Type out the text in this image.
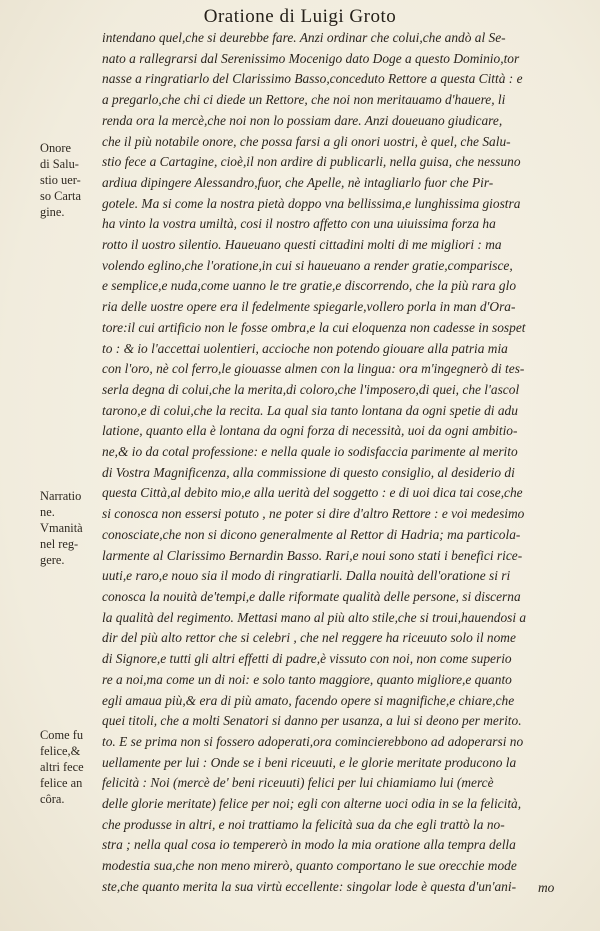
Oratione di Luigi Groto
intendano quel,che si deurebbe fare. Anzi ordinar che colui,che andò al Se-
nato a rallegrarsi dal Serenissimo Mocenigo dato Doge a questo Dominio,tor
nasse a ringratiarlo del Clarissimo Basso,conceduto Rettore a questa Città : e
a pregarlo,che chi ci diede un Rettore, che noi non meritauamo d'hauere, li
renda ora la mercè,che noi non lo possiam dare. Anzi doueuano giudicare,
che il più notabile onore, che possa farsi a gli onori uostri, è quel, che Salu-
stio fece a Cartagine, cioè,il non ardire di publicarli, nella guisa, che nessuno
ardiua dipingere Alessandro,fuor, che Apelle, nè intagliarlo fuor che Pir-
gotele. Ma si come la nostra pietà doppo vna bellissima,e lunghissima giostra
ha vinto la vostra umiltà, cosi il nostro affetto con una uiuissima forza ha
rotto il uostro silentio. Haueuano questi cittadini molti di me migliori : ma
volendo eglino,che l'oratione,in cui si haueuano a render gratie,comparisce,
e semplice,e nuda,come uanno le tre gratie,e discorrendo, che la più rara glo
ria delle uostre opere era il fedelmente spiegarle,vollero porla in man d'Ora-
tore:il cui artificio non le fosse ombra,e la cui eloquenza non cadesse in sospet
to : & io l'accettai uolentieri, accioche non potendo giouare alla patria mia
con l'oro, nè col ferro,le giouasse almen con la lingua: ora m'ingegnerò di tes-
serla degna di colui,che la merita,di coloro,che l'imposero,di quei, che l'ascol
tarono,e di colui,che la recita. La qual sia tanto lontana da ogni spetie di adu
latione, quanto ella è lontana da ogni forza di necessità, uoi da ogni ambitio-
ne,& io da cotal professione: e nella quale io sodisfaccia parimente al merito
di Vostra Magnificenza, alla commissione di questo consiglio, al desiderio di
questa Città,al debito mio,e alla uerità del soggetto : e di uoi dica tai cose,che
si conosca non essersi potuto , ne poter si dire d'altro Rettore : e voi medesimo
conosciate,che non si dicono generalmente al Rettor di Hadria; ma particola-
larmente al Clarissimo Bernardin Basso. Rari,e noui sono stati i benefici rice-
uuti,e raro,e nouo sia il modo di ringratiarli. Dalla nouità dell'oratione si ri
conosca la nouità de'tempi,e dalle riformate qualità delle persone, si discerna
la qualità del regimento. Mettasi mano al più alto stile,che si troui,hauendosi a
dir del più alto rettor che si celebri , che nel reggere ha riceuuto solo il nome
di Signore,e tutti gli altri effetti di padre,è vissuto con noi, non come superio
re a noi,ma come un di noi: e solo tanto maggiore, quanto migliore,e quanto
egli amaua più,& era di più amato, facendo opere si magnifiche,e chiare,che
quei titoli, che a molti Senatori si danno per usanza, a lui si deono per merito.
to. E se prima non si fossero adoperati,ora comincierebbono ad adoperarsi no
uellamente per lui : Onde se i beni riceuuti, e le glorie meritate producono la
felicità : Noi (mercè de' beni riceuuti) felici per lui chiamiamo lui (mercè
delle glorie meritate) felice per noi; egli con alterne uoci odia in se la felicità,
che produsse in altri, e noi trattiamo la felicità sua da che egli trattò la no-
stra ; nella qual cosa io tempererò in modo la mia oratione alla tempra della
modestia sua,che non meno mirerò, quanto comportano le sue orecchie mode
ste,che quanto merita la sua virtù eccellente: singolar lode è questa d'un'ani-	mo
Onore
di Salu-
stio uer-
so Carta
gine.
Narratio
ne.
Vmanità
nel reg-
gere.
Come fu
felice,&
altri fece
felice an
côra.
